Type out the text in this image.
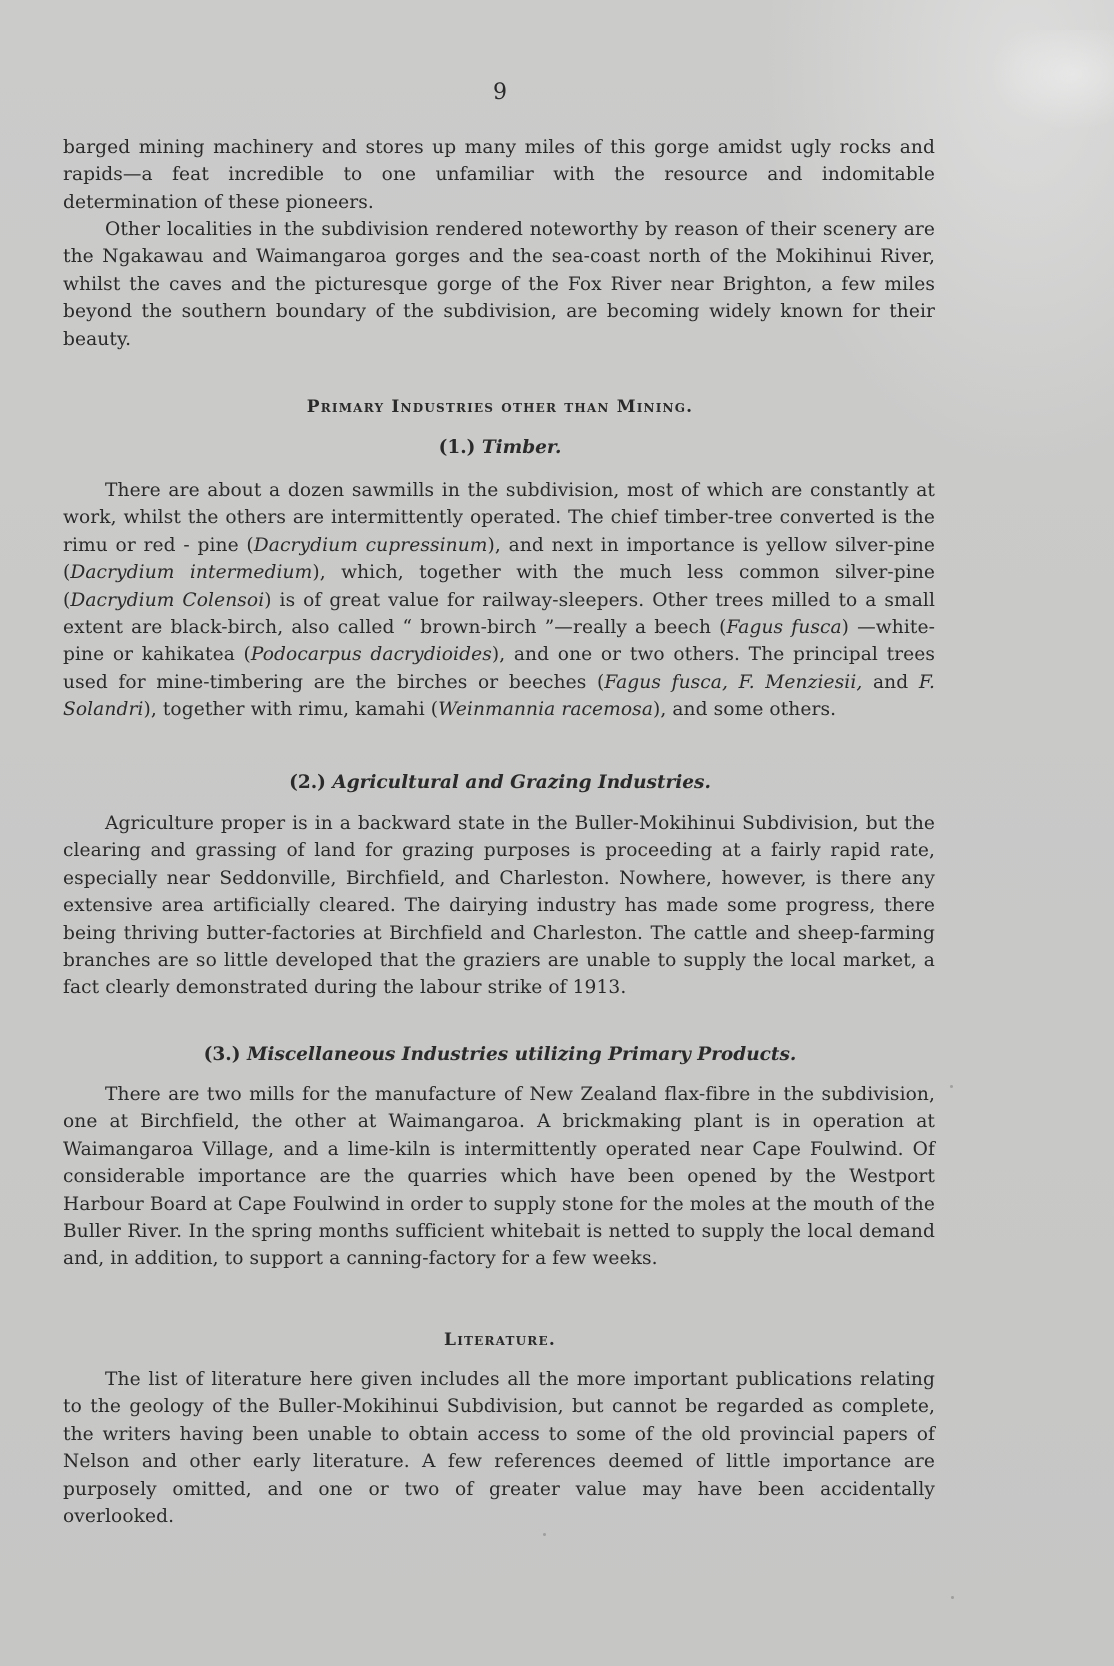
9

barged mining machinery and stores up many miles of this gorge amidst ugly rocks and rapids—a feat incredible to one unfamiliar with the resource and indomitable determination of these pioneers.

Other localities in the subdivision rendered noteworthy by reason of their scenery are the Ngakawau and Waimangaroa gorges and the sea-coast north of the Mokihinui River, whilst the caves and the picturesque gorge of the Fox River near Brighton, a few miles beyond the southern boundary of the subdivision, are becoming widely known for their beauty.

Primary Industries other than Mining.
(1.) Timber.

There are about a dozen sawmills in the subdivision, most of which are constantly at work, whilst the others are intermittently operated. The chief timber-tree converted is the rimu or red - pine (Dacrydium cupressinum), and next in importance is yellow silver-pine (Dacrydium intermedium), which, together with the much less common silver-pine (Dacrydium Colensoi) is of great value for railway-sleepers. Other trees milled to a small extent are black-birch, also called “ brown-birch ”—really a beech (Fagus fusca) —white-pine or kahikatea (Podocarpus dacrydioides), and one or two others. The principal trees used for mine-timbering are the birches or beeches (Fagus fusca, F. Menziesii, and F. Solandri), together with rimu, kamahi (Weinmannia racemosa), and some others.

(2.) Agricultural and Grazing Industries.

Agriculture proper is in a backward state in the Buller-Mokihinui Subdivision, but the clearing and grassing of land for grazing purposes is proceeding at a fairly rapid rate, especially near Seddonville, Birchfield, and Charleston. Nowhere, however, is there any extensive area artificially cleared. The dairying industry has made some progress, there being thriving butter-factories at Birchfield and Charleston. The cattle and sheep-farming branches are so little developed that the graziers are unable to supply the local market, a fact clearly demonstrated during the labour strike of 1913.

(3.) Miscellaneous Industries utilizing Primary Products.

There are two mills for the manufacture of New Zealand flax-fibre in the subdivision, one at Birchfield, the other at Waimangaroa. A brickmaking plant is in operation at Waimangaroa Village, and a lime-kiln is intermittently operated near Cape Foulwind. Of considerable importance are the quarries which have been opened by the Westport Harbour Board at Cape Foulwind in order to supply stone for the moles at the mouth of the Buller River. In the spring months sufficient whitebait is netted to supply the local demand and, in addition, to support a canning-factory for a few weeks.

Literature.

The list of literature here given includes all the more important publications relating to the geology of the Buller-Mokihinui Subdivision, but cannot be regarded as complete, the writers having been unable to obtain access to some of the old provincial papers of Nelson and other early literature. A few references deemed of little importance are purposely omitted, and one or two of greater value may have been accidentally overlooked.
